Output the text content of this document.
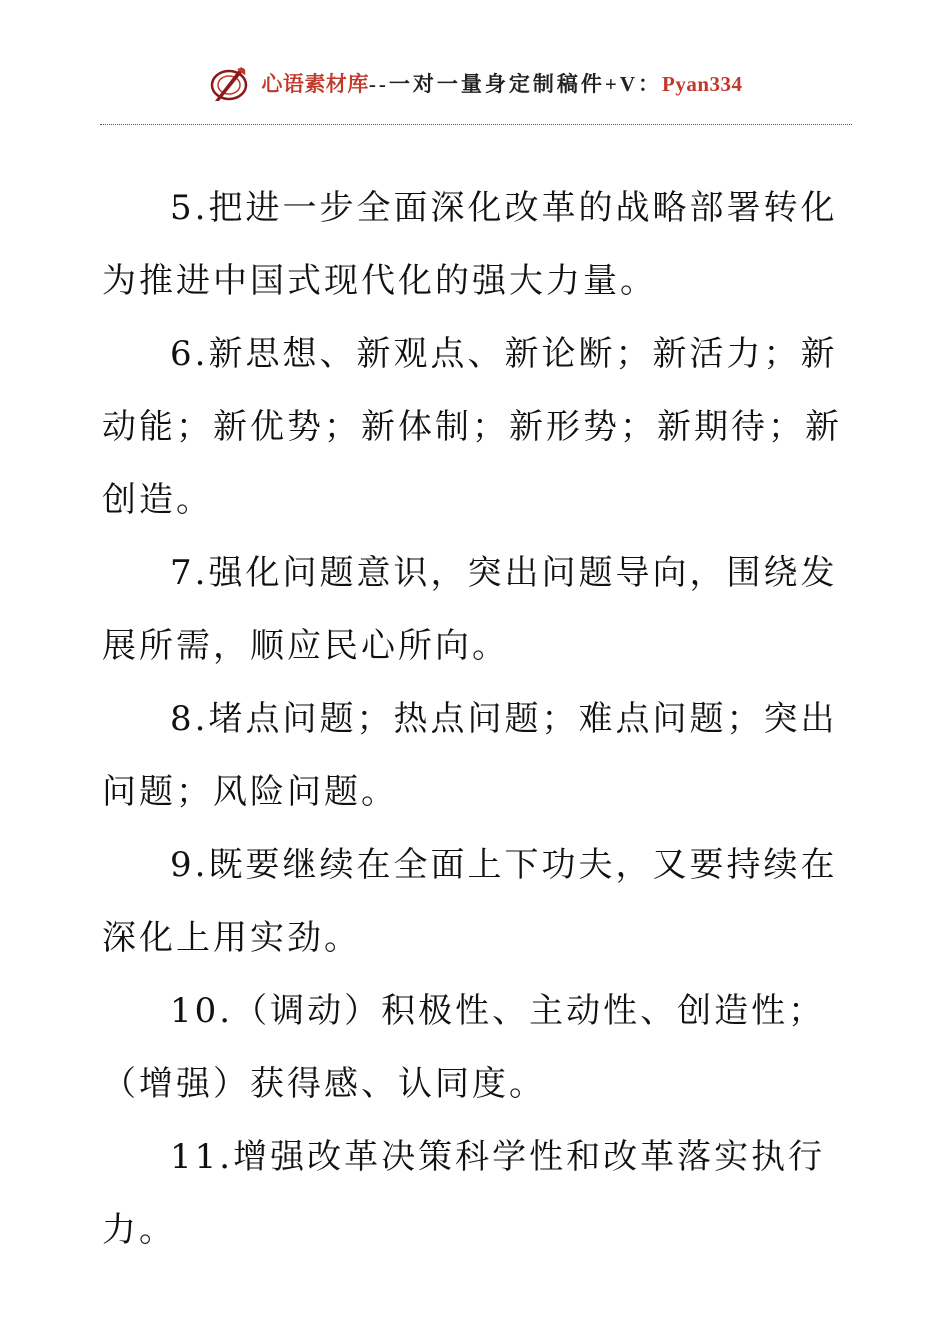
心语素材库--一对一量身定制稿件+V：Pyan334

5.把进一步全面深化改革的战略部署转化为推进中国式现代化的强大力量。

6.新思想、新观点、新论断；新活力；新动能；新优势；新体制；新形势；新期待；新创造。

7.强化问题意识，突出问题导向，围绕发展所需，顺应民心所向。

8.堵点问题；热点问题；难点问题；突出问题；风险问题。

9.既要继续在全面上下功夫，又要持续在深化上用实劲。

10.（调动）积极性、主动性、创造性；（增强）获得感、认同度。

11.增强改革决策科学性和改革落实执行力。
